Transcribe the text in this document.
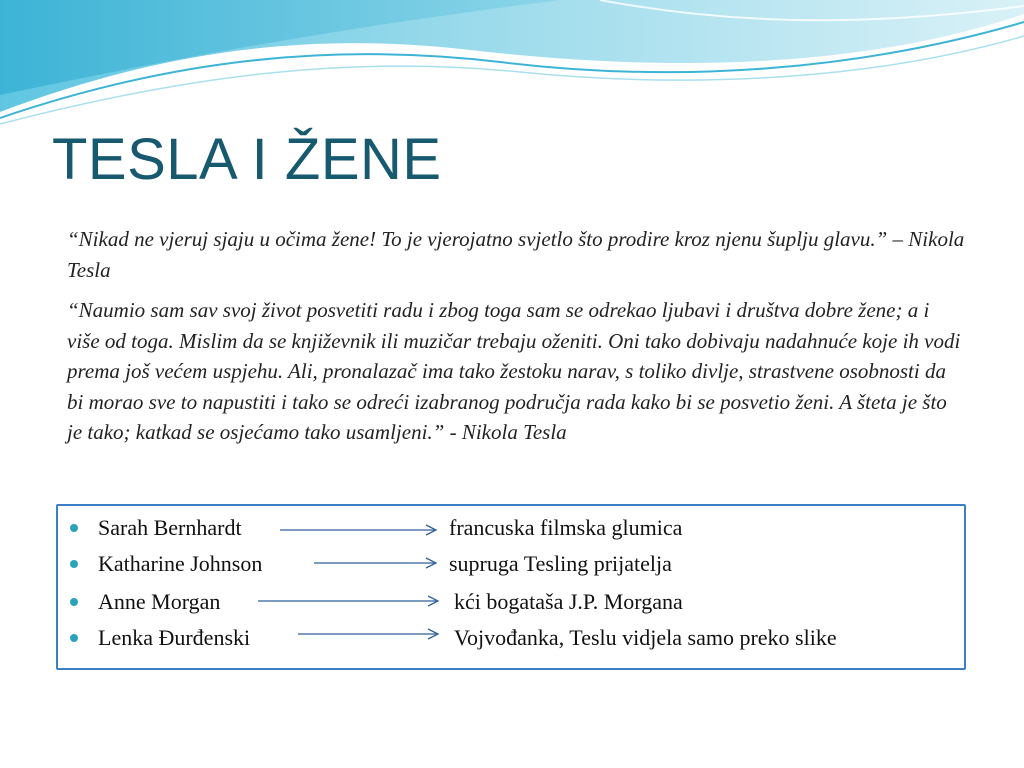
TESLA I ŽENE

“Nikad ne vjeruj sjaju u očima žene! To je vjerojatno svjetlo što prodire kroz njenu šuplju glavu.” – Nikola Tesla

“Naumio sam sav svoj život posvetiti radu i zbog toga sam se odrekao ljubavi i društva dobre žene; a i više od toga. Mislim da se književnik ili muzičar trebaju oženiti. Oni tako dobivaju nadahnuće koje ih vodi prema još većem uspjehu. Ali, pronalazač ima tako žestoku narav, s toliko divlje, strastvene osobnosti da bi morao sve to napustiti i tako se odreći izabranog područja rada kako bi se posvetio ženi. A šteta je što je tako; katkad se osjećamo tako usamljeni.” - Nikola Tesla

Sarah Bernhardt	francuska filmska glumica
Katharine Johnson	supruga Tesling prijatelja
Anne Morgan	kći bogataša J.P. Morgana
Lenka Đurđenski	Vojvođanka, Teslu vidjela samo preko slike
